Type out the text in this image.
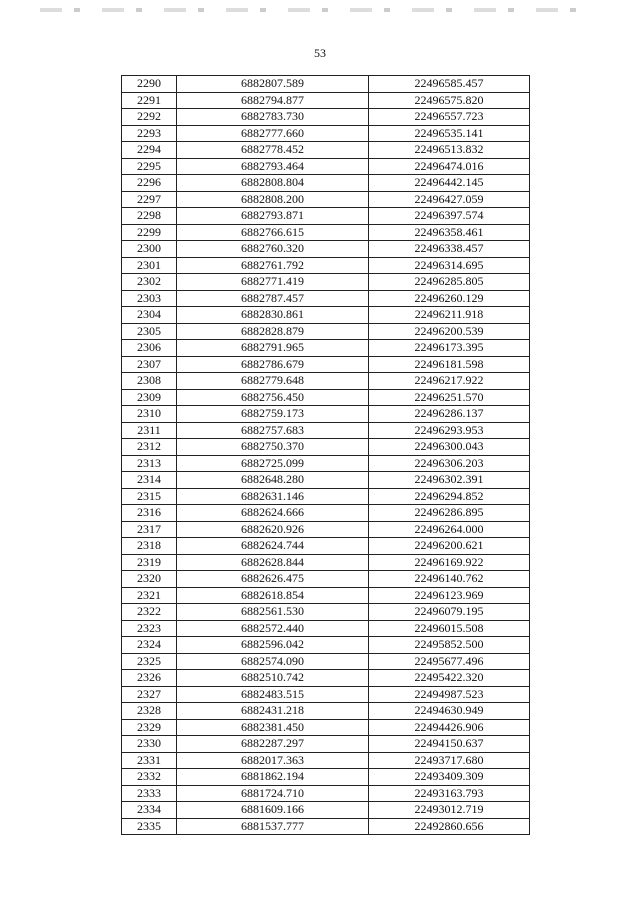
53
2290	6882807.589	22496585.457
2291	6882794.877	22496575.820
2292	6882783.730	22496557.723
2293	6882777.660	22496535.141
2294	6882778.452	22496513.832
2295	6882793.464	22496474.016
2296	6882808.804	22496442.145
2297	6882808.200	22496427.059
2298	6882793.871	22496397.574
2299	6882766.615	22496358.461
2300	6882760.320	22496338.457
2301	6882761.792	22496314.695
2302	6882771.419	22496285.805
2303	6882787.457	22496260.129
2304	6882830.861	22496211.918
2305	6882828.879	22496200.539
2306	6882791.965	22496173.395
2307	6882786.679	22496181.598
2308	6882779.648	22496217.922
2309	6882756.450	22496251.570
2310	6882759.173	22496286.137
2311	6882757.683	22496293.953
2312	6882750.370	22496300.043
2313	6882725.099	22496306.203
2314	6882648.280	22496302.391
2315	6882631.146	22496294.852
2316	6882624.666	22496286.895
2317	6882620.926	22496264.000
2318	6882624.744	22496200.621
2319	6882628.844	22496169.922
2320	6882626.475	22496140.762
2321	6882618.854	22496123.969
2322	6882561.530	22496079.195
2323	6882572.440	22496015.508
2324	6882596.042	22495852.500
2325	6882574.090	22495677.496
2326	6882510.742	22495422.320
2327	6882483.515	22494987.523
2328	6882431.218	22494630.949
2329	6882381.450	22494426.906
2330	6882287.297	22494150.637
2331	6882017.363	22493717.680
2332	6881862.194	22493409.309
2333	6881724.710	22493163.793
2334	6881609.166	22493012.719
2335	6881537.777	22492860.656
